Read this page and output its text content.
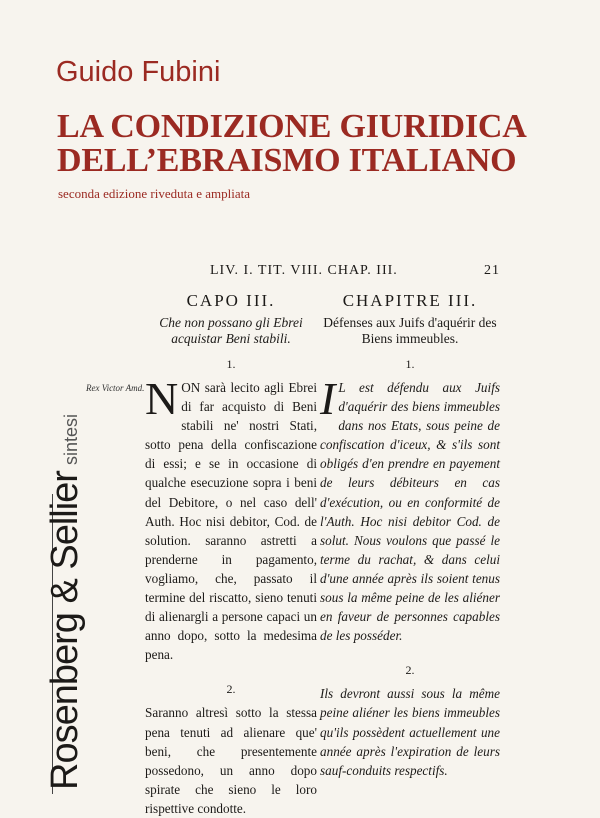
Rosenberg & Selliersintesi
Guido Fubini
LA CONDIZIONE GIURIDICA
DELL’EBRAISMO ITALIANO
seconda edizione riveduta e ampliata
LIV. I. TIT. VIII. CHAP. III.	21
Rex Victor Amd.
CAPO III.
Che non possano gli Ebrei acquistar Beni stabili.
1.
NON sarà lecito agli Ebrei di far acquisto di Beni stabili ne' nostri Stati, sotto pena della confiscazione di essi; e se in occasione di qualche esecuzione sopra i beni del Debitore, o nel caso dell' Auth. Hoc nisi debitor, Cod. de solution. saranno astretti a prenderne in pagamento, vogliamo, che, passato il termine del riscatto, sieno tenuti di alienargli a persone capaci un anno dopo, sotto la medesima pena.
2.
Saranno altresì sotto la stessa pena tenuti ad alienare que' beni, che presentemente possedono, un anno dopo spirate che sieno le loro rispettive condotte.
CHAPITRE III.
Défenses aux Juifs d'aquérir des Biens immeubles.
1.
I L est défendu aux Juifs d'aquérir des biens immeubles dans nos Etats, sous peine de confiscation d'iceux, & s'ils sont obligés d'en prendre en payement de leurs débiteurs en cas d'exécution, ou en conformité de l'Auth. Hoc nisi debitor Cod. de solut. Nous voulons que passé le terme du rachat, & dans celui d'une année après ils soient tenus sous la même peine de les aliéner en faveur de personnes capables de les posséder.
2.
Ils devront aussi sous la même peine aliéner les biens immeubles qu'ils possèdent actuellement une année après l'expiration de leurs sauf-conduits respectifs.
